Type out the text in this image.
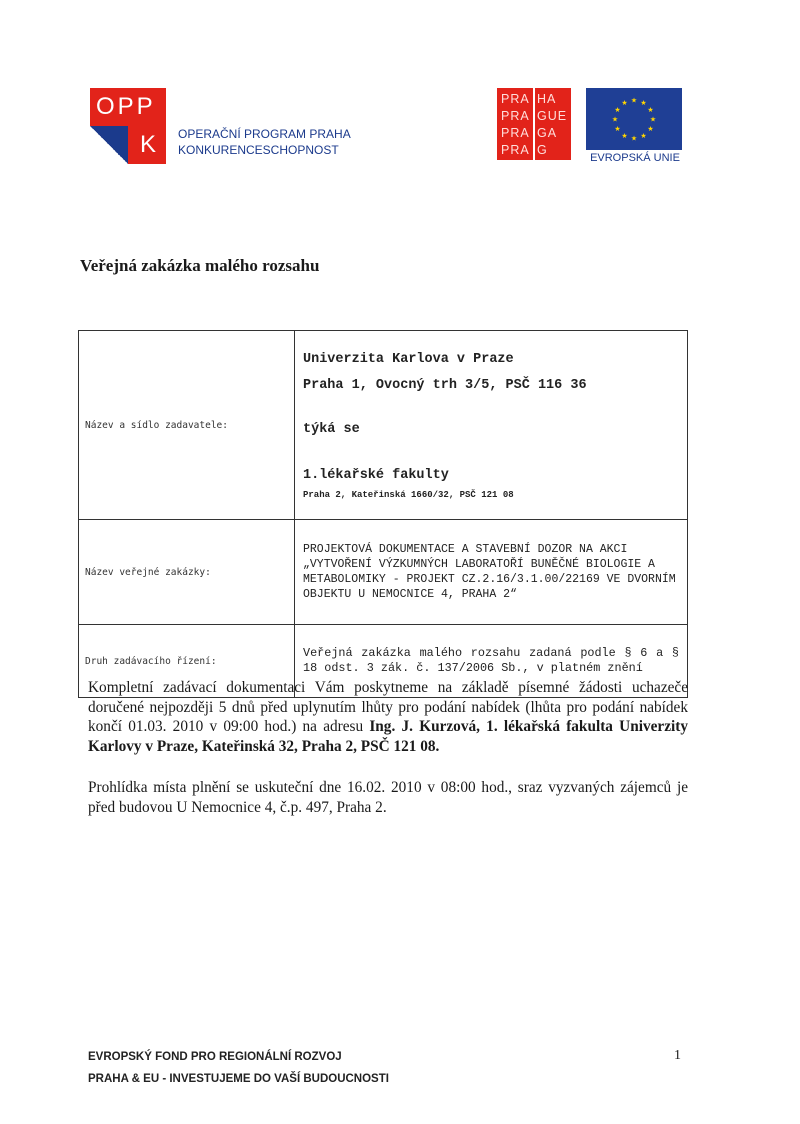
OPP
K OPERAČNÍ PROGRAM PRAHA
KONKURENCESCHOPNOST
PRA
PRA
PRA
PRA
HA
GUE
GA
G
★ ★
★
★
★
★
★
★
★
★
★
★
EVROPSKÁ UNIE
Veřejná zakázka malého rozsahu
Název a sídlo zadavatele:	Univerzita Karlova v Praze
Praha 1, Ovocný trh 3/5, PSČ 116 36
týká se
1.lékařské fakulty
Praha 2, Kateřinská 1660/32, PSČ 121 08

Název veřejné zakázky:	PROJEKTOVÁ DOKUMENTACE A STAVEBNÍ DOZOR NA AKCI „VYTVOŘENÍ VÝZKUMNÝCH LABORATOŘÍ BUNĚČNÉ BIOLOGIE A METABOLOMIKY - PROJEKT CZ.2.16/3.1.00/22169 VE DVORNÍM OBJEKTU U NEMOCNICE 4, PRAHA 2“
Druh zadávacího řízení:	Veřejná zakázka malého rozsahu zadaná podle § 6 a § 18 odst. 3 zák. č. 137/2006 Sb., v platném znění
Kompletní zadávací dokumentaci Vám poskytneme na základě písemné žádosti uchazeče doručené nejpozději 5 dnů před uplynutím lhůty pro podání nabídek (lhůta pro podání nabídek končí 01.03. 2010 v 09:00 hod.) na adresu Ing. J. Kurzová, 1. lékařská fakulta Univerzity Karlovy v Praze, Kateřinská 32, Praha 2, PSČ 121 08.
Prohlídka místa plnění se uskuteční dne 16.02. 2010 v 08:00 hod., sraz vyzvaných zájemců je před budovou U Nemocnice 4, č.p. 497, Praha 2.
EVROPSKÝ FOND PRO REGIONÁLNÍ ROZVOJ
PRAHA & EU - INVESTUJEME DO VAŠÍ BUDOUCNOSTI
1
